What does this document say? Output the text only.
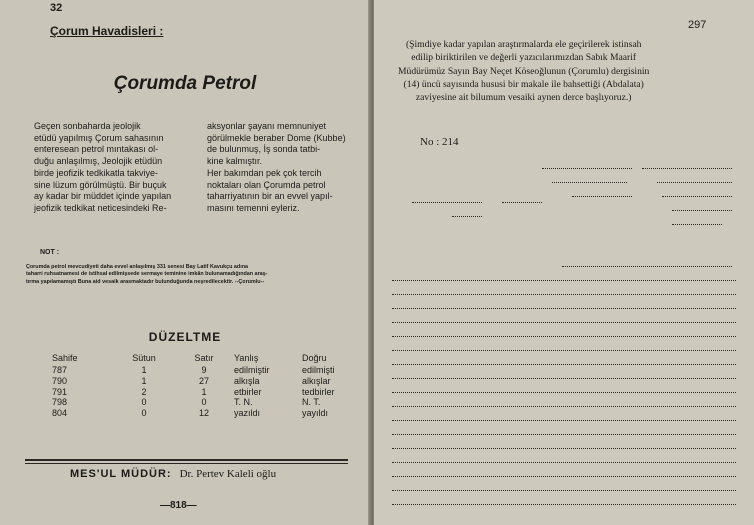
32
Çorum Havadisleri :
Çorumda Petrol
Geçen sonbaharda jeolojik
etüdü yapılmış Çorum sahasının
enteresean petrol mıntakası ol-
duğu anlaşılmış, Jeolojik etüdün
birde jeofizik tedkikatla takviye-
sine lüzum görülmüştü. Bir buçuk
ay kadar bir müddet içinde yapılan
jeofizik tedkikat neticesindeki Re-
aksyonlar şayanı memnuniyet
görülmekle beraber Dome (Kubbe)
de bulunmuş, İş sonda tatbi-
kine kalmıştır.
Her bakımdan pek çok tercih
noktaları olan Çorumda petrol
taharriyatının bir an evvel yapıl-
masını temenni eyleriz.
NOT :
Çorumda petrol mevcudiyeti daha evvel anlaşılmış 331 senesi Bay Latif Kavukçu adına
taharri ruhsatnamesi de istihsal edilmişsede sermaye teminine imkân bulunamadığından araş-
tırma yapılamamıştı Buna aid vesaik arasmaktadır bulunduğunda neşredilecektir. --Çorumlu--
DÜZELTME
Sahife	Sütun	Satır	Yanlış	Doğru

787	1	9	edilmiştir	edilmişti

790	1	27	alkışla	alkışlar

791	2	1	etbirler	tedbirler

798	0	0	T. N.	N. T.

804	0	12	yazıldı	yayıldı
MES'UL MÜDÜR: Dr. Pertev Kaleli oğlu
—818—
297
(Şimdiye kadar yapılan araştırmalarda ele geçirilerek istinsah
edilip biriktirilen ve değerli yazıcılarımızdan Sabık Maarif
Müdürümüz Sayın Bay Neçet Köseoğlunun (Çorumlu) dergisinin
(14) üncü sayısında hususi bir makale ile bahsettiği (Abdalata)
zaviyesine ait bilumum vesaiki aynen derce başlıyoruz.)
No : 214
